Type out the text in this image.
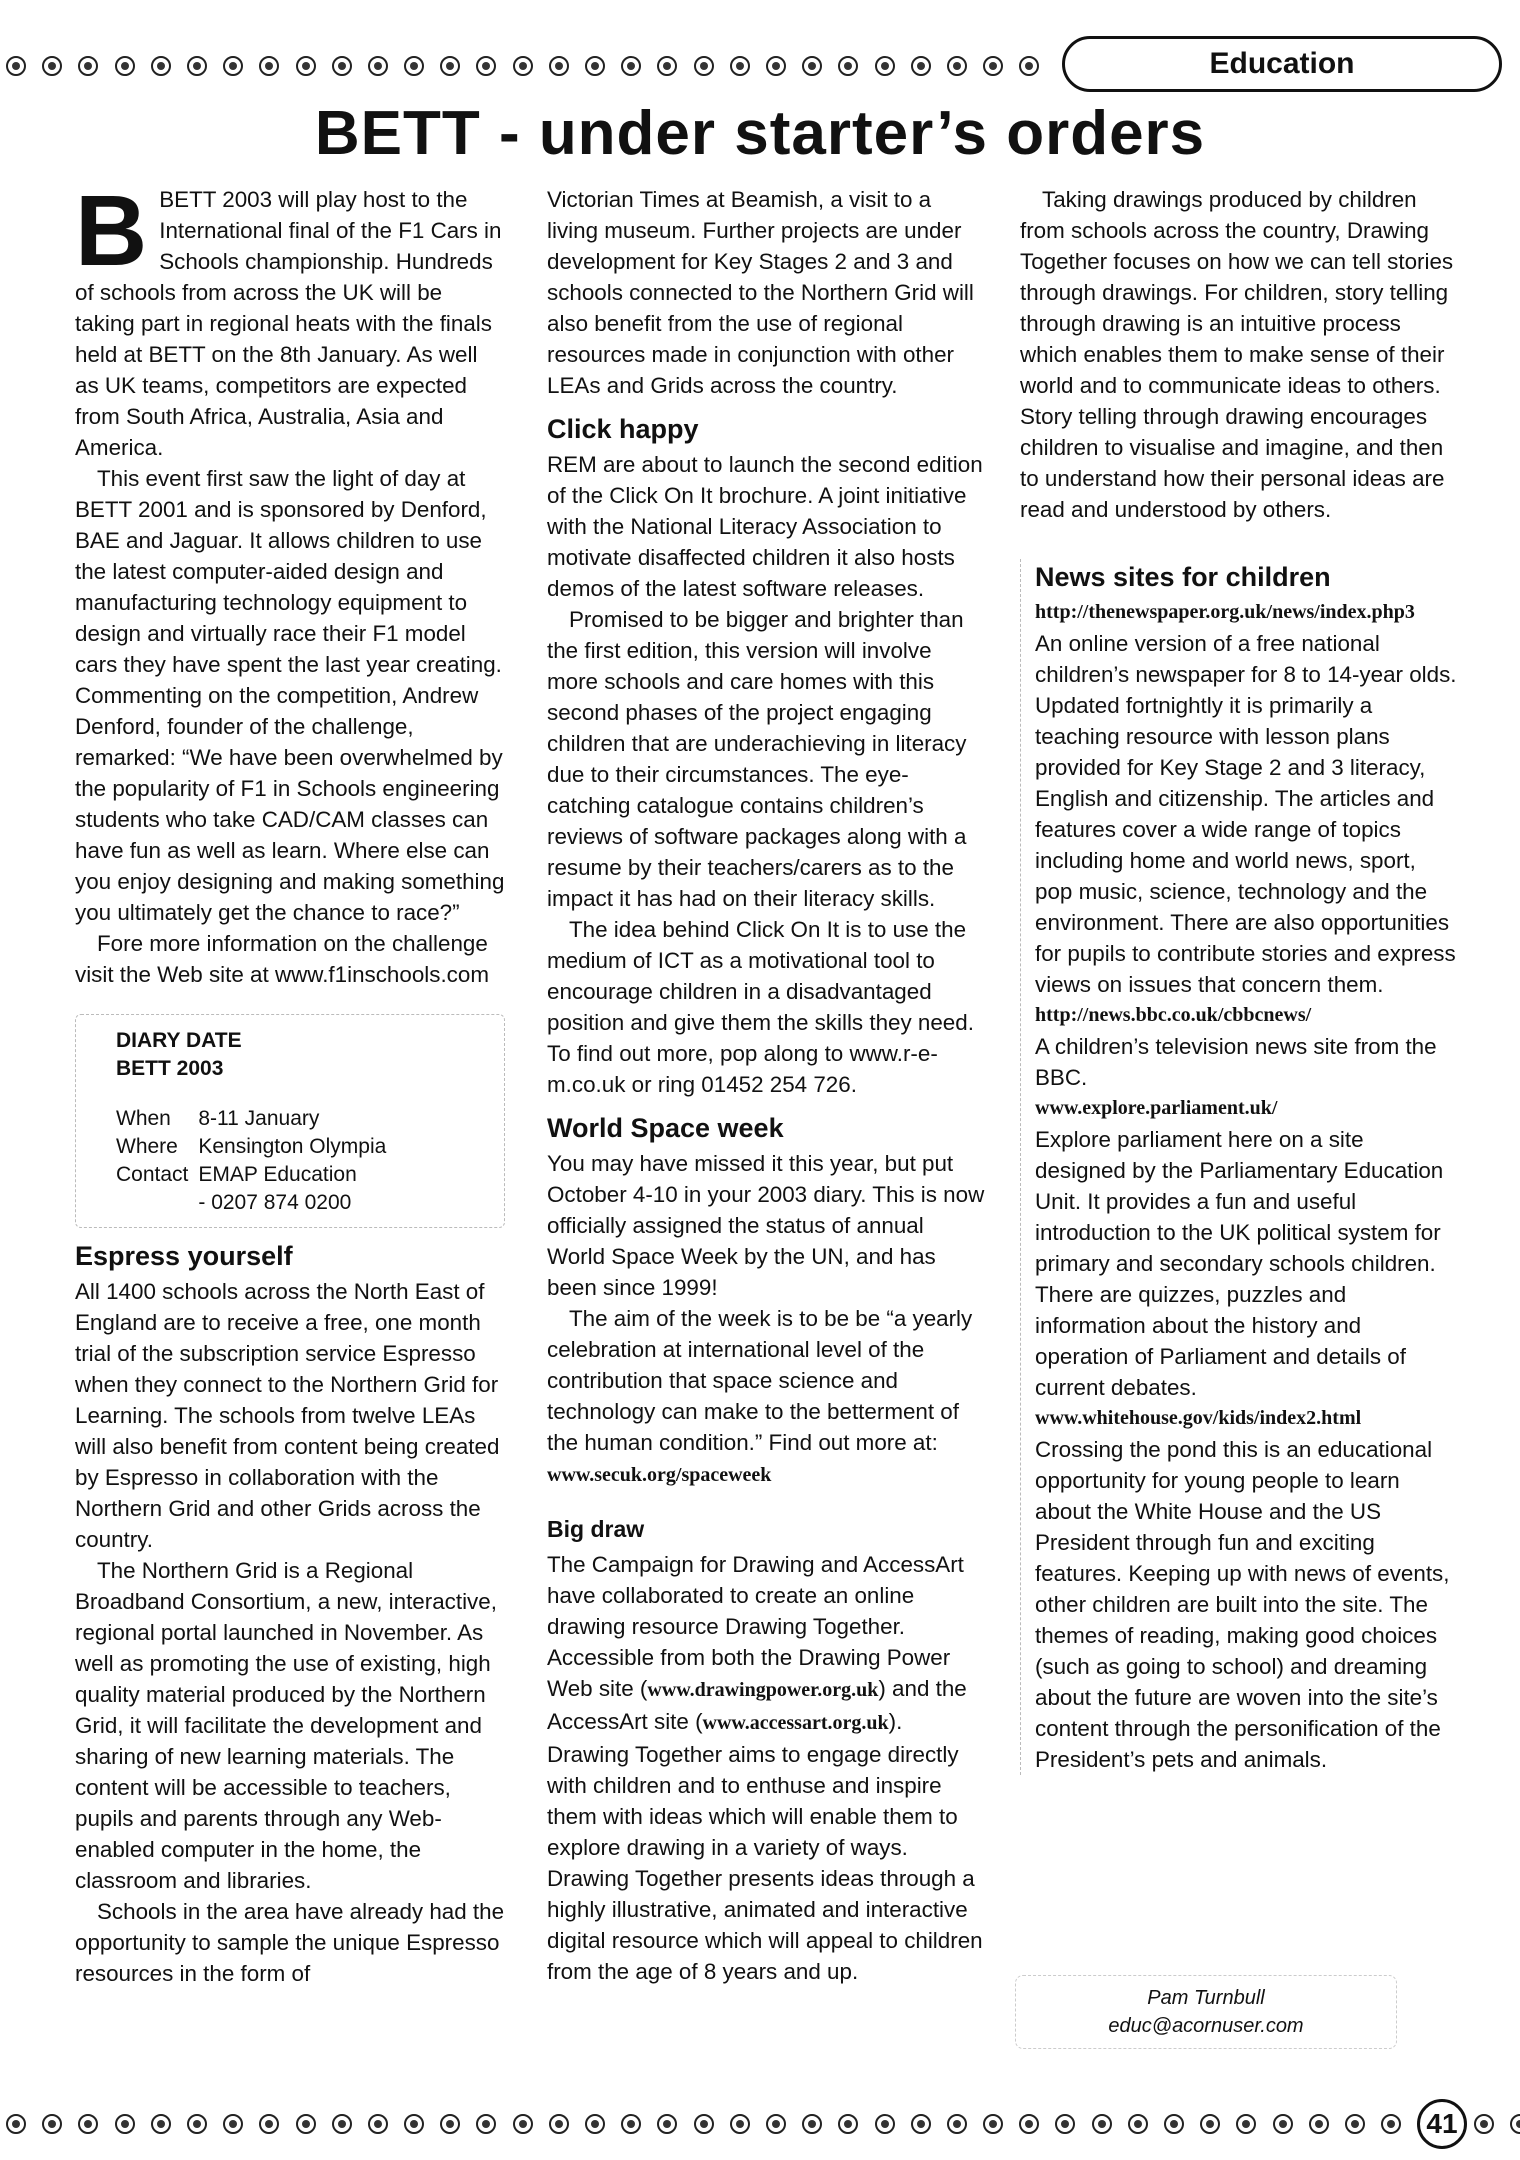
Education
BETT - under starter’s orders

BBETT 2003 will play host to the International final of the F1 Cars in Schools championship. Hundreds of schools from across the UK will be taking part in regional heats with the finals held at BETT on the 8th January. As well as UK teams, competitors are expected from South Africa, Australia, Asia and America.

This event first saw the light of day at BETT 2001 and is sponsored by Denford, BAE and Jaguar. It allows children to use the latest computer-aided design and manufacturing technology equipment to design and virtually race their F1 model cars they have spent the last year creating. Commenting on the competition, Andrew Denford, founder of the challenge, remarked: “We have been overwhelmed by the popularity of F1 in Schools engineering students who take CAD/CAM classes can have fun as well as learn. Where else can you enjoy designing and making something you ultimately get the chance to race?”

Fore more information on the challenge visit the Web site at www.f1inschools.com

DIARY DATE
BETT 2003
When	8-11 January
Where	Kensington Olympia
Contact	EMAP Education
	- 0207 874 0200
Espress yourself

All 1400 schools across the North East of England are to receive a free, one month trial of the subscription service Espresso when they connect to the Northern Grid for Learning. The schools from twelve LEAs will also benefit from content being created by Espresso in collaboration with the Northern Grid and other Grids across the country.

The Northern Grid is a Regional Broadband Consortium, a new, interactive, regional portal launched in November. As well as promoting the use of existing, high quality material produced by the Northern Grid, it will facilitate the development and sharing of new learning materials. The content will be accessible to teachers, pupils and parents through any Web-enabled computer in the home, the classroom and libraries.

Schools in the area have already had the opportunity to sample the unique Espresso resources in the form of

Victorian Times at Beamish, a visit to a living museum. Further projects are under development for Key Stages 2 and 3 and schools connected to the Northern Grid will also benefit from the use of regional resources made in conjunction with other LEAs and Grids across the country.

Click happy

REM are about to launch the second edition of the Click On It brochure. A joint initiative with the National Literacy Association to motivate disaffected children it also hosts demos of the latest software releases.

Promised to be bigger and brighter than the first edition, this version will involve more schools and care homes with this second phases of the project engaging children that are underachieving in literacy due to their circumstances. The eye-catching catalogue contains children’s reviews of software packages along with a resume by their teachers/carers as to the impact it has had on their literacy skills.

The idea behind Click On It is to use the medium of ICT as a motivational tool to encourage children in a disadvantaged position and give them the skills they need. To find out more, pop along to www.r-e-m.co.uk or ring 01452 254 726.

World Space week

You may have missed it this year, but put October 4-10 in your 2003 diary. This is now officially assigned the status of annual World Space Week by the UN, and has been since 1999!

The aim of the week is to be be “a yearly celebration at international level of the contribution that space science and technology can make to the betterment of the human condition.” Find out more at:

www.secuk.org/spaceweek

Big draw

The Campaign for Drawing and AccessArt have collaborated to create an online drawing resource Drawing Together. Accessible from both the Drawing Power Web site (www.drawingpower.org.uk) and the AccessArt site (www.accessart.org.uk). Drawing Together aims to engage directly with children and to enthuse and inspire them with ideas which will enable them to explore drawing in a variety of ways. Drawing Together presents ideas through a highly illustrative, animated and interactive digital resource which will appeal to children from the age of 8 years and up.

Taking drawings produced by children from schools across the country, Drawing Together focuses on how we can tell stories through drawings. For children, story telling through drawing is an intuitive process which enables them to make sense of their world and to communicate ideas to others. Story telling through drawing encourages children to visualise and imagine, and then to understand how their personal ideas are read and understood by others.

News sites for children

http://thenewspaper.org.uk/news/index.php3

An online version of a free national children’s newspaper for 8 to 14-year olds. Updated fortnightly it is primarily a teaching resource with lesson plans provided for Key Stage 2 and 3 literacy, English and citizenship. The articles and features cover a wide range of topics including home and world news, sport, pop music, science, technology and the environment. There are also opportunities for pupils to contribute stories and express views on issues that concern them.

http://news.bbc.co.uk/cbbcnews/

A children’s television news site from the BBC.

www.explore.parliament.uk/

Explore parliament here on a site designed by the Parliamentary Education Unit. It provides a fun and useful introduction to the UK political system for primary and secondary schools children. There are quizzes, puzzles and information about the history and operation of Parliament and details of current debates.

www.whitehouse.gov/kids/index2.html

Crossing the pond this is an educational opportunity for young people to learn about the White House and the US President through fun and exciting features. Keeping up with news of events, other children are built into the site. The themes of reading, making good choices (such as going to school) and dreaming about the future are woven into the site’s content through the personification of the President’s pets and animals.

Pam Turnbull
educ@acornuser.com
41
